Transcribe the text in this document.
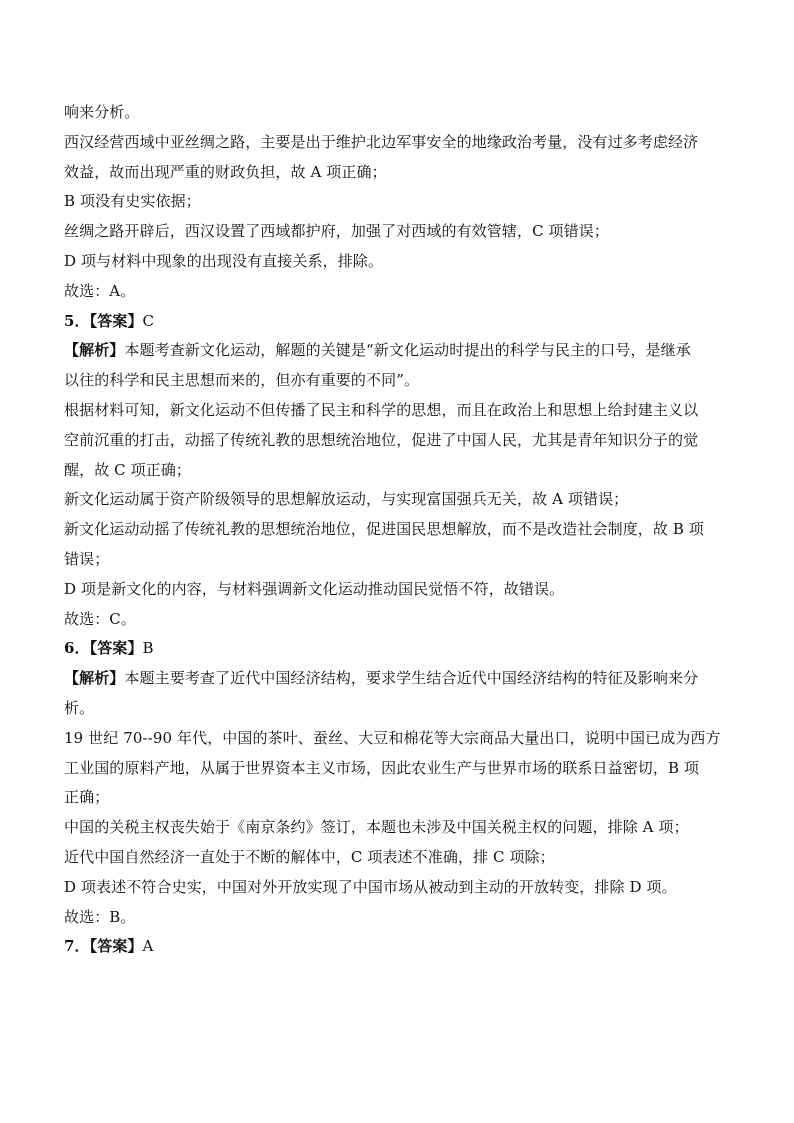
响来分析。
西汉经营西域中亚丝绸之路，主要是出于维护北边军事安全的地缘政治考量，没有过多考虑经济
效益，故而出现严重的财政负担，故 A 项正确；
B 项没有史实依据；
丝绸之路开辟后，西汉设置了西域都护府，加强了对西域的有效管辖，C 项错误；
D 项与材料中现象的出现没有直接关系，排除。
故选：A。
5．【答案】C
【解析】本题考查新文化运动，解题的关键是“新文化运动时提出的科学与民主的口号，是继承
以往的科学和民主思想而来的，但亦有重要的不同”。
根据材料可知，新文化运动不但传播了民主和科学的思想，而且在政治上和思想上给封建主义以
空前沉重的打击，动摇了传统礼教的思想统治地位，促进了中国人民，尤其是青年知识分子的觉
醒，故 C 项正确；
新文化运动属于资产阶级领导的思想解放运动，与实现富国强兵无关，故 A 项错误；
新文化运动动摇了传统礼教的思想统治地位，促进国民思想解放，而不是改造社会制度，故 B 项
错误；
D 项是新文化的内容，与材料强调新文化运动推动国民觉悟不符，故错误。
故选：C。
6．【答案】B
【解析】本题主要考查了近代中国经济结构，要求学生结合近代中国经济结构的特征及影响来分
析。
19 世纪 70--90 年代，中国的茶叶、蚕丝、大豆和棉花等大宗商品大量出口，说明中国已成为西方
工业国的原料产地，从属于世界资本主义市场，因此农业生产与世界市场的联系日益密切，B 项
正确；
中国的关税主权丧失始于《南京条约》签订，本题也未涉及中国关税主权的问题，排除 A 项；
近代中国自然经济一直处于不断的解体中，C 项表述不准确，排 C 项除；
D 项表述不符合史实，中国对外开放实现了中国市场从被动到主动的开放转变，排除 D 项。
故选：B。
7．【答案】A
